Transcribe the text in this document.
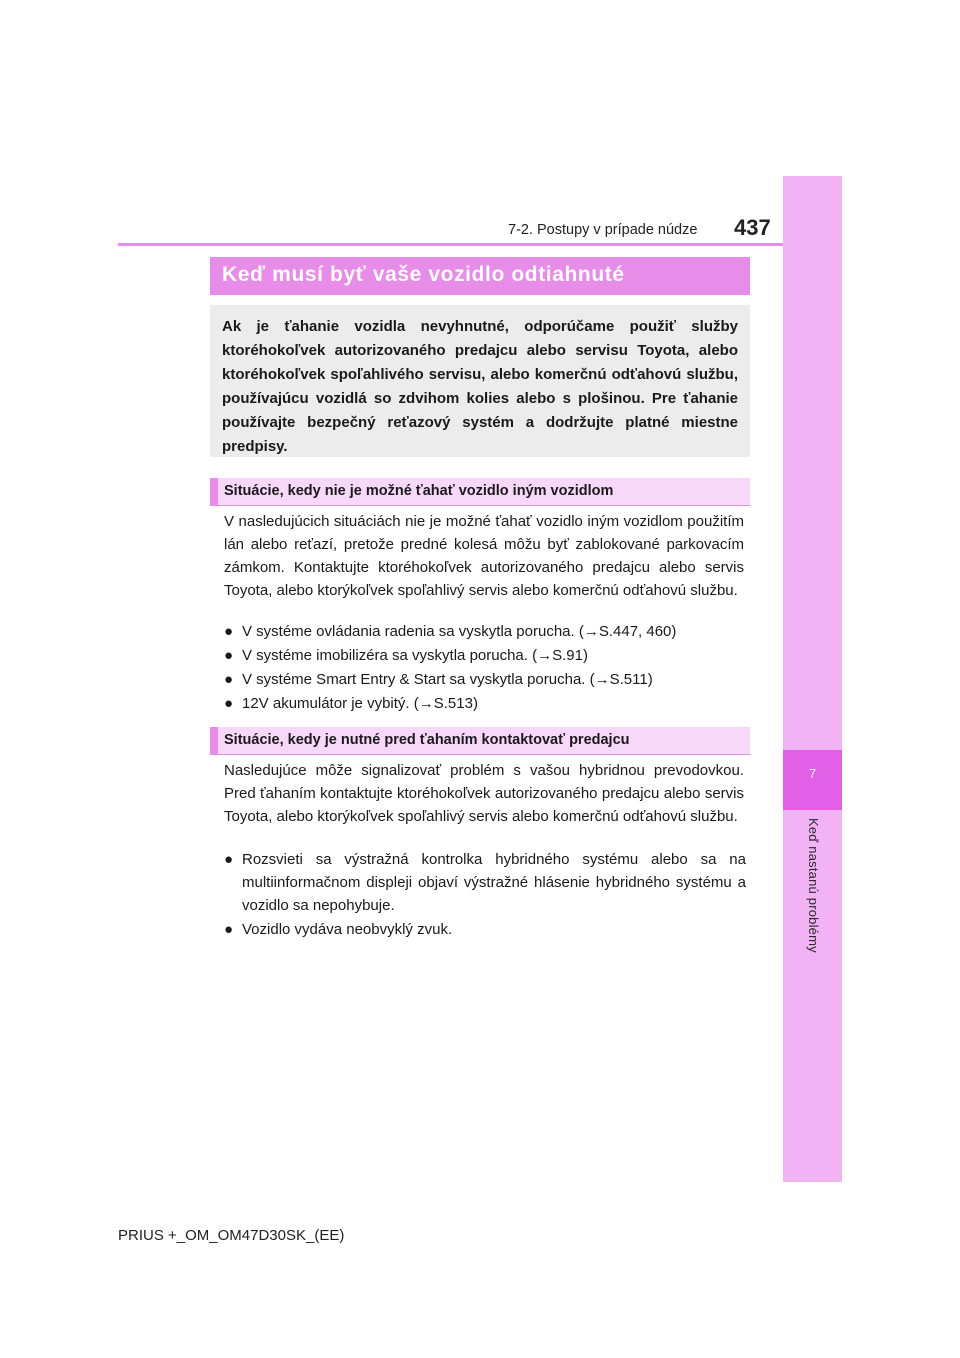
7
Keď nastanú problémy
7-2. Postupy v prípade núdze 437
Keď musí byť vaše vozidlo odtiahnuté

Ak je ťahanie vozidla nevyhnutné, odporúčame použiť služby ktoréhokoľvek autorizovaného predajcu alebo servisu Toyota, alebo ktoréhokoľvek spoľahlivého servisu, alebo komerčnú odťahovú službu, používajúcu vozidlá so zdvihom kolies alebo s plošinou. Pre ťahanie používajte bezpečný reťazový systém a dodržujte platné miestne predpisy.

Situácie, kedy nie je možné ťahať vozidlo iným vozidlom

V nasledujúcich situáciách nie je možné ťahať vozidlo iným vozidlom použitím lán alebo reťazí, pretože predné kolesá môžu byť zablokované parkovacím zámkom. Kontaktujte ktoréhokoľvek autorizovaného predajcu alebo servis Toyota, alebo ktorýkoľvek spoľahlivý servis alebo komerčnú odťahovú službu.

● V systéme ovládania radenia sa vyskytla porucha. (→S.447, 460)
● V systéme imobilizéra sa vyskytla porucha. (→S.91)
● V systéme Smart Entry & Start sa vyskytla porucha. (→S.511)
● 12V akumulátor je vybitý. (→S.513)
Situácie, kedy je nutné pred ťahaním kontaktovať predajcu

Nasledujúce môže signalizovať problém s vašou hybridnou prevodovkou. Pred ťahaním kontaktujte ktoréhokoľvek autorizovaného predajcu alebo servis Toyota, alebo ktorýkoľvek spoľahlivý servis alebo komerčnú odťahovú službu.

● Rozsvieti sa výstražná kontrolka hybridného systému alebo sa na multiinformačnom displeji objaví výstražné hlásenie hybridného systému a vozidlo sa nepohybuje.
● Vozidlo vydáva neobvyklý zvuk.
PRIUS +_OM_OM47D30SK_(EE)
